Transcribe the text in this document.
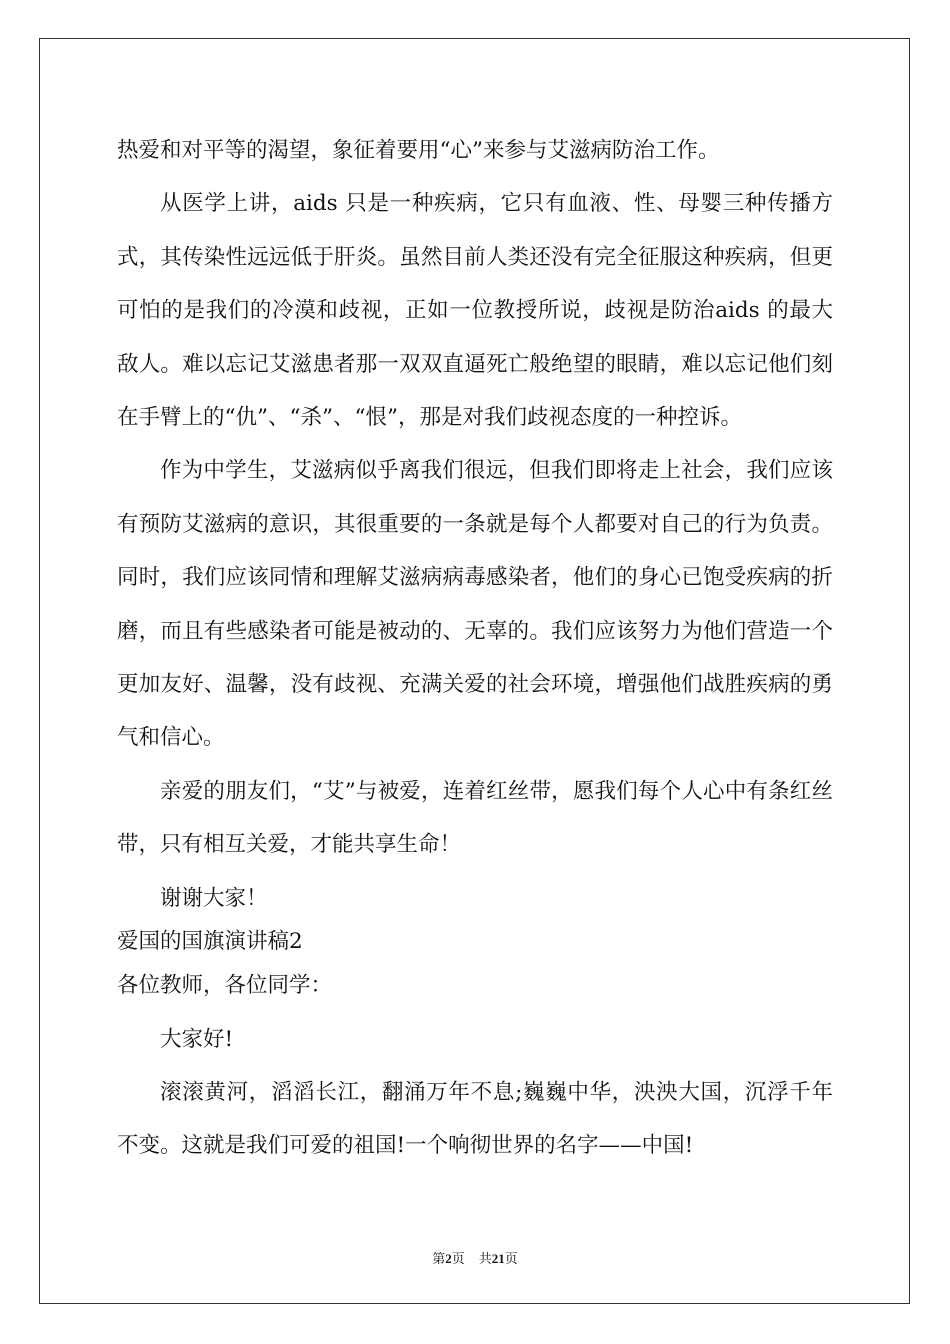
热爱和对平等的渴望，象征着要用“心”来参与艾滋病防治工作。

从医学上讲，aids 只是一种疾病，它只有血液、性、母婴三种传播方式，其传染性远远低于肝炎。虽然目前人类还没有完全征服这种疾病，但更可怕的是我们的冷漠和歧视，正如一位教授所说，歧视是防治aids 的最大敌人。难以忘记艾滋患者那一双双直逼死亡般绝望的眼睛，难以忘记他们刻在手臂上的“仇”、“杀”、“恨”，那是对我们歧视态度的一种控诉。

作为中学生，艾滋病似乎离我们很远，但我们即将走上社会，我们应该有预防艾滋病的意识，其很重要的一条就是每个人都要对自己的行为负责。同时，我们应该同情和理解艾滋病病毒感染者，他们的身心已饱受疾病的折磨，而且有些感染者可能是被动的、无辜的。我们应该努力为他们营造一个更加友好、温馨，没有歧视、充满关爱的社会环境，增强他们战胜疾病的勇气和信心。

亲爱的朋友们，“艾”与被爱，连着红丝带，愿我们每个人心中有条红丝带，只有相互关爱，才能共享生命！

谢谢大家！

爱国的国旗演讲稿2

各位教师，各位同学：

大家好!

滚滚黄河，滔滔长江，翻涌万年不息;巍巍中华，泱泱大国，沉浮千年不变。这就是我们可爱的祖国!一个响彻世界的名字——中国!

第2页 共21页
